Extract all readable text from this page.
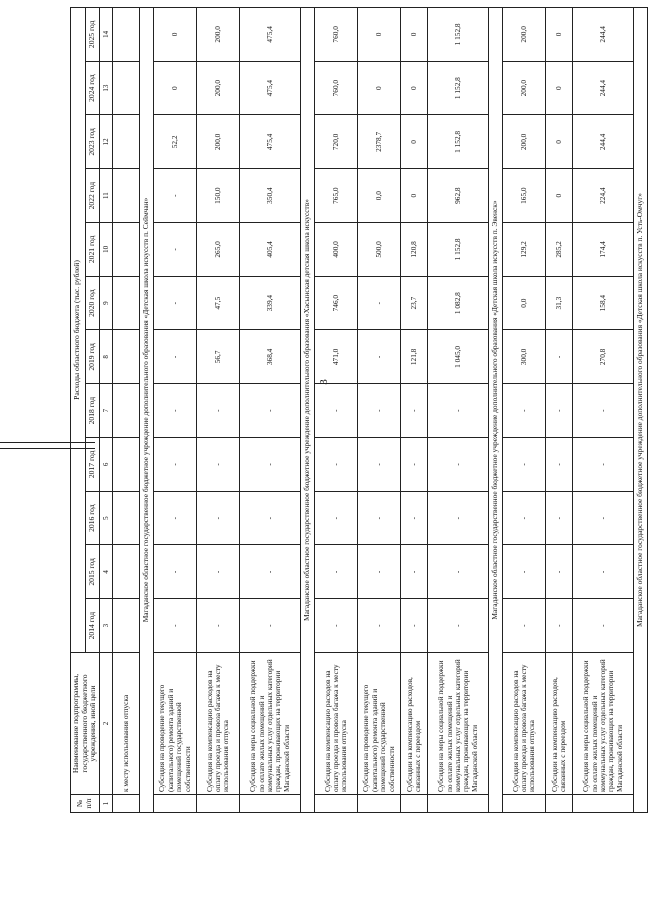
3
№ п/п	Наименование подпрограммы, государственного бюджетного учреждения, иной цели	Расходы областного бюджета (тыс. рублей)											
		2014 год	2015 год	2016 год	2017 год	2018 год	2019 год	2020 год	2021 год	2022 год	2023 год	2024 год	2025 год
1	2	3	4	5	6	7	8	9	10	11	12	13	14
	к месту использования отпуска												
Магаданское областное государственное бюджетное учреждение дополнительного образования «Детская школа искусств п. Сеймчан»													
	Субсидия на проведение текущего (капитального) ремонта зданий и помещений государственной собственности	-	-	-	-	-	-	-	-	-	52,2	0	0
	Субсидия на компенсацию расходов на оплату проезда и провоза багажа к месту использования отпуска	-	-	-	-	-	56,7	47,5	265,0	150,0	200,0	200,0	200,0
	Субсидия на меры социальной поддержки по оплате жилых помещений и коммунальных услуг отдельных категорий граждан, проживающих на территории Магаданской области	-	-	-	-	-	368,4	339,4	405,4	350,4	475,4	475,4	475,4
Магаданское областное государственное бюджетное учреждение дополнительного образования «Хасынская детская школа искусств»													
	Субсидия на компенсацию расходов на оплату проезда и провоза багажа к месту использования отпуска	-	-	-	-	-	471,0	746,0	400,0	765,0	720,0	760,0	760,0
	Субсидия на проведение текущего (капитального) ремонта зданий и помещений государственной собственности	-	-	-	-	-	-	-	500,0	0,0	2378,7	0	0
	Субсидии на компенсацию расходов, связанных с переездом	-	-	-	-	-	121,8	23,7	120,8	0	0	0	0
	Субсидия на меры социальной поддержки по оплате жилых помещений и коммунальных услуг отдельных категорий граждан, проживающих на территории Магаданской области	-	-	-	-	-	1 045,0	1 082,8	1 152,8	962,8	1 152,8	1 152,8	1 152,8
Магаданское областное государственное бюджетное учреждение дополнительного образования «Детская школа искусств п. Эвенск»													
	Субсидия на компенсацию расходов на оплату проезда и провоза багажа к месту использования отпуска	-	-	-	-	-	300,0	0,0	129,2	165,0	200,0	200,0	200,0
	Субсидии на компенсацию расходов, связанных с переездом	-	-	-	-	-	-	31,3	285,2	0	0	0	0
	Субсидия на меры социальной поддержки по оплате жилых помещений и коммунальных услуг отдельных категорий граждан, проживающих на территории Магаданской области	-	-	-	-	-	270,8	158,4	174,4	224,4	244,4	244,4	244,4
Магаданское областное государственное бюджетное учреждение дополнительного образования «Детская школа искусств п. Усть-Омчуг»													
